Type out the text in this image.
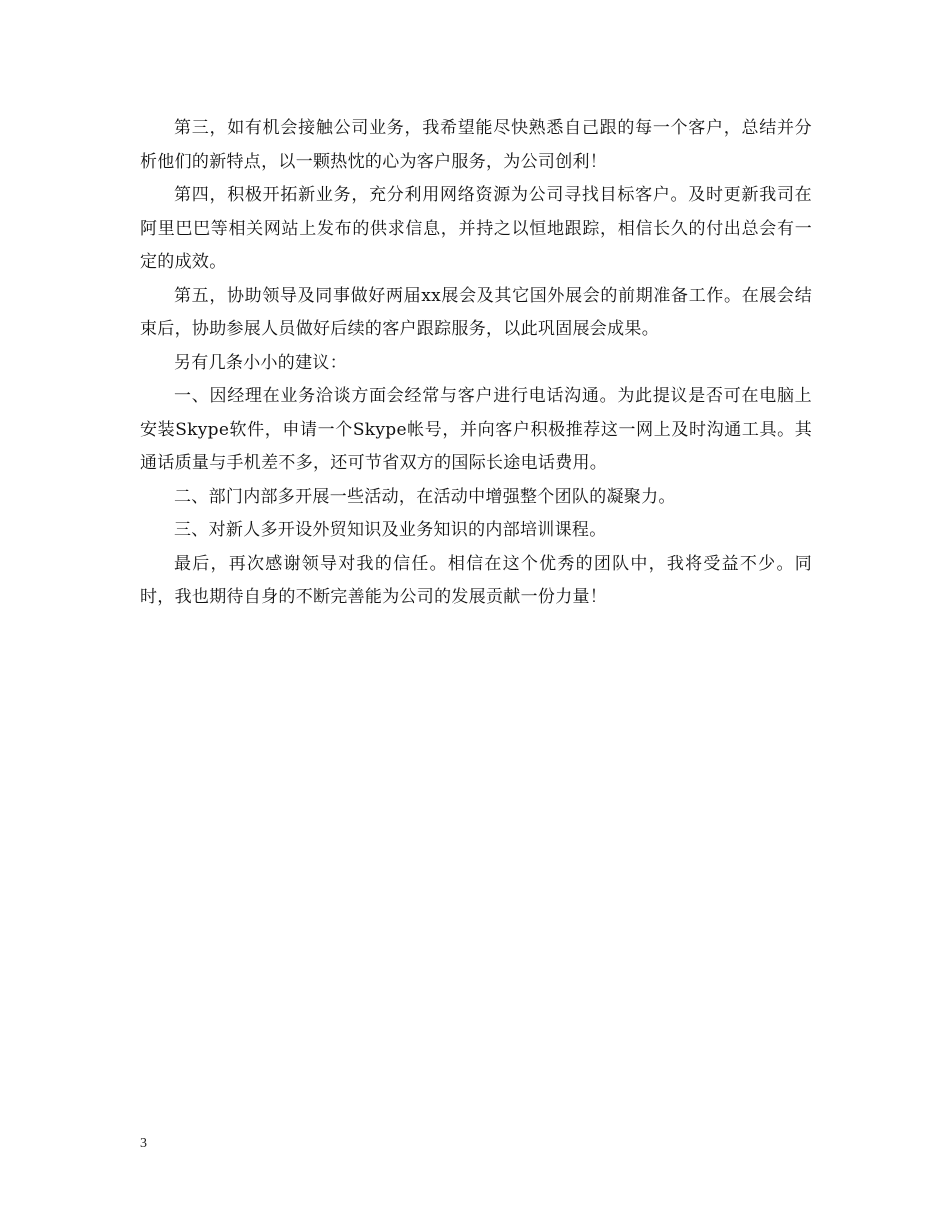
第三，如有机会接触公司业务，我希望能尽快熟悉自己跟的每一个客户，总结并分析他们的新特点，以一颗热忱的心为客户服务，为公司创利！

第四，积极开拓新业务，充分利用网络资源为公司寻找目标客户。及时更新我司在阿里巴巴等相关网站上发布的供求信息，并持之以恒地跟踪，相信长久的付出总会有一定的成效。

第五，协助领导及同事做好两届xx展会及其它国外展会的前期准备工作。在展会结束后，协助参展人员做好后续的客户跟踪服务，以此巩固展会成果。

另有几条小小的建议：

一、因经理在业务洽谈方面会经常与客户进行电话沟通。为此提议是否可在电脑上安装Skype软件，申请一个Skype帐号，并向客户积极推荐这一网上及时沟通工具。其通话质量与手机差不多，还可节省双方的国际长途电话费用。

二、部门内部多开展一些活动，在活动中增强整个团队的凝聚力。

三、对新人多开设外贸知识及业务知识的内部培训课程。

最后，再次感谢领导对我的信任。相信在这个优秀的团队中，我将受益不少。同时，我也期待自身的不断完善能为公司的发展贡献一份力量！

3
